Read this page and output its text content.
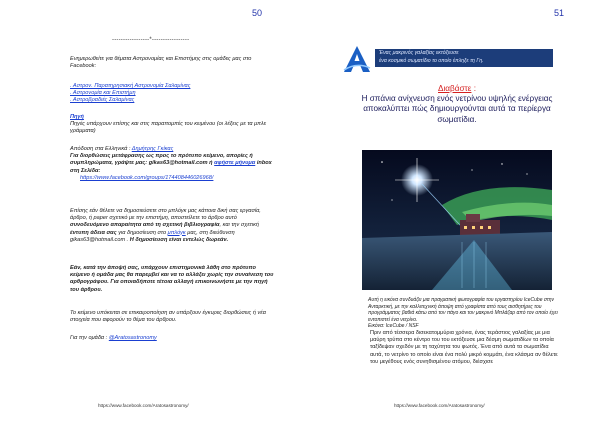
50
-----------------*-----------------

Ενημερωθείτε για θέματα Αστρονομίας και Επιστήμης στις ομάδες μας στο Facebook:

. Αστρον. Παρατηρησιακή Αστρονομία Σαλαμίνας

. Αστρονομία και Επιστήμη

. Αστροβραδιές Σαλαμίνας

Πηγή

Πηγές υπάρχουν επίσης και στις παραπομπές του κειμένου (οι λέξεις με τα μπλε γράμματα)

Απόδοση στα Ελληνικά : Δημήτρης Γκίκας

Για διορθώσεις μετάφρασης ως προς το πρότυπο κείμενο, απορίες ή συμπληρώματα, γράψτε μας: gikas63@hotmail.com ή αφήστε μήνυμα inbox στη Σελίδα:

https://www.facebook.com/groups/174408446026968/

Επίσης εάν θέλετε να δημοσιεύσετε στο μπλόγκ μας κάποια δική σας εργασία, άρθρο, ή paper σχετικό με την επιστήμη, αποστείλετε το άρθρο αυτό συνοδευόμενο απαραίτητα από τη σχετική βιβλιογραφία, και την σχετική έντυπη άδεια σας για δημοσίευση στο μπλόγκ μας, στη διεύθυνση gikas63@hotmail.com . Η δημοσίευση είναι εντελώς δωρεάν.

Εάν, κατά την άποψή σας, υπάρχουν επιστημονικά λάθη στο πρότυπο κείμενο ή ομάδα μας θα παρεμβεί και να το αλλάξει χωρίς την συναίνεση του αρθρογράφου. Για οποιαδήποτε τέτοια αλλαγή επικοινωνήστε με την πηγή του άρθρου.

Το κείμενο υπόκειται σε επικαιροποίηση αν υπάρξουν έγκυρες διορθώσεις ή νέα στοιχεία που αφορούν το θέμα του άρθρου.

Για την ομάδα : @Aratosastronomy

https://www.facebook.com/Aratosastronomy/
51
Ένας μακρινός γαλαξίας εκτόξευσε
ένα κοσμικό σωματίδιο το οποίο έπληξε τη Γη.
Διαβάστε :
Η σπάνια ανίχνευση ενός νετρίνου υψηλής ενέργειας αποκαλύπτει πώς δημιουργούνται αυτά τα περίεργα σωματίδια.
Αυτή η εικόνα συνδυάζει μια πραγματική φωτογραφία του εργαστηρίου IceCube στην Ανταρκτική, με την καλλιτεχνική άποψη από γραφίστα από τους αισθητήρες του προγράμματος βαθιά κάτω από τον πάγο και τον μακρινό Μπλάζαρ από τον οποίο έχει εντοπιστεί ένα νετρίνο.
Εικόνα: IceCube / NSF

Πριν από τέσσερα δισεκατομμύρια χρόνια, ένας τεράστιος γαλαξίας με μια μαύρη τρύπα στο κέντρο του του εκτόξευσε μια δέσμη σωματιδίων τα οποία ταξίδεψαν σχεδόν με τη ταχύτητα του φωτός. Ένα από αυτά τα σωματίδια αυτά, το νετρίνο το οποίο είναι ένα πολύ μικρό κομμάτι, ένα κλάσμα αν θέλετε του μεγέθους ενός συνηθισμένου ατόμου, διέσχισε

https://www.facebook.com/Aratosastronomy/
